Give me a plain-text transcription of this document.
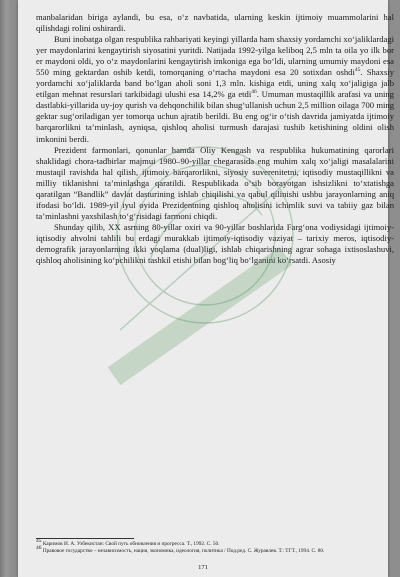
manbalaridan biriga aylandi, bu esa, o‘z navbatida, ularning keskin ijtimoiy muammolarini hal qilishdagi rolini oshirardi.

Buni inobatga olgan respublika rahbariyati keyingi yillarda ham shaxsiy yordamchi xo‘jaliklardagi yer maydonlarini kengaytirish siyosatini yuritdi. Natijada 1992-yilga keliboq 2,5 mln ta oila yo ilk bor er maydoni oldi, yo o‘z maydonlarini kengaytirish imkoniga ega bo‘ldi, ularning umumiy maydoni esa 550 ming gektardan oshib ketdi, tomorqaning o‘rtacha maydoni esa 20 sotixdan oshdi$^{45}$. Shaxsiy yordamchi xo‘jaliklarda band bo‘lgan aholi soni 1,3 mln. kishiga etdi, uning xalq xo‘jaligiga jalb etilgan mehnat resurslari tarkibidagi ulushi esa 14,2% ga etdi$^{46}$. Umuman mustaqillik arafasi va uning dastlabki-yillarida uy-joy qurish va dehqonchilik bilan shug‘ullanish uchun 2,5 million oilaga 700 ming gektar sug‘oriladigan yer tomorqa uchun ajratib berildi. Bu eng og‘ir o‘tish davrida jamiyatda ijtimoiy barqarorlikni ta’minlash, ayniqsa, qishloq aholisi turmush darajasi tushib ketishining oldini olish imkonini berdi.

Prezident farmonlari, qonunlar hamda Oliy Kengash va respublika hukumatining qarorlari shaklidagi chora-tadbirlar majmui 1980–90-yillar chegarasida eng muhim xalq xo‘jaligi masalalarini mustaqil ravishda hal qilish, ijtimoiy barqarorlikni, siyosiy suverenitetni, iqtisodiy mustaqillikni va milliy tiklanishni ta’minlashga qaratildi. Respublikada o‘sib borayotgan ishsizlikni to‘xtatishga qaratilgan “Bandlik” davlat dasturining ishlab chiqilishi va qabul qilinishi ushbu jarayonlarning aniq ifodasi bo‘ldi. 1989-yil iyul oyida Prezidentning qishloq aholisini ichimlik suvi va tabiiy gaz bilan ta’minlashni yaxshilash to‘g‘risidagi farmoni chiqdi.

Shunday qilib, XX asrning 80-yillar oxiri va 90-yillar boshlarida Farg‘ona vodiysidagi ijtimoiy-iqtisodiy ahvolni tahlili bu erdagi murakkab ijtimoiy-iqtisodiy vaziyat – tarixiy meros, iqtisodiy-demografik jarayonlarning ikki yoqlama (dual)ligi, ishlab chiqarishning agrar sohaga ixtisoslashuvi, qishloq aholisining ko‘pchilikni tashkil etishi bilan bog‘liq bo‘lganini ko‘rsatdi. Asosiy

45 Каримов И. А. Узбекистан: Свой путь обновления и прогресса. Т., 1992. С. 50.

46 Правовое государство – независимость, нация, экономика, идеология, политика / Под.ред. С. Журавлев. Т.: ТГТ., 1994. С. 80.

171
